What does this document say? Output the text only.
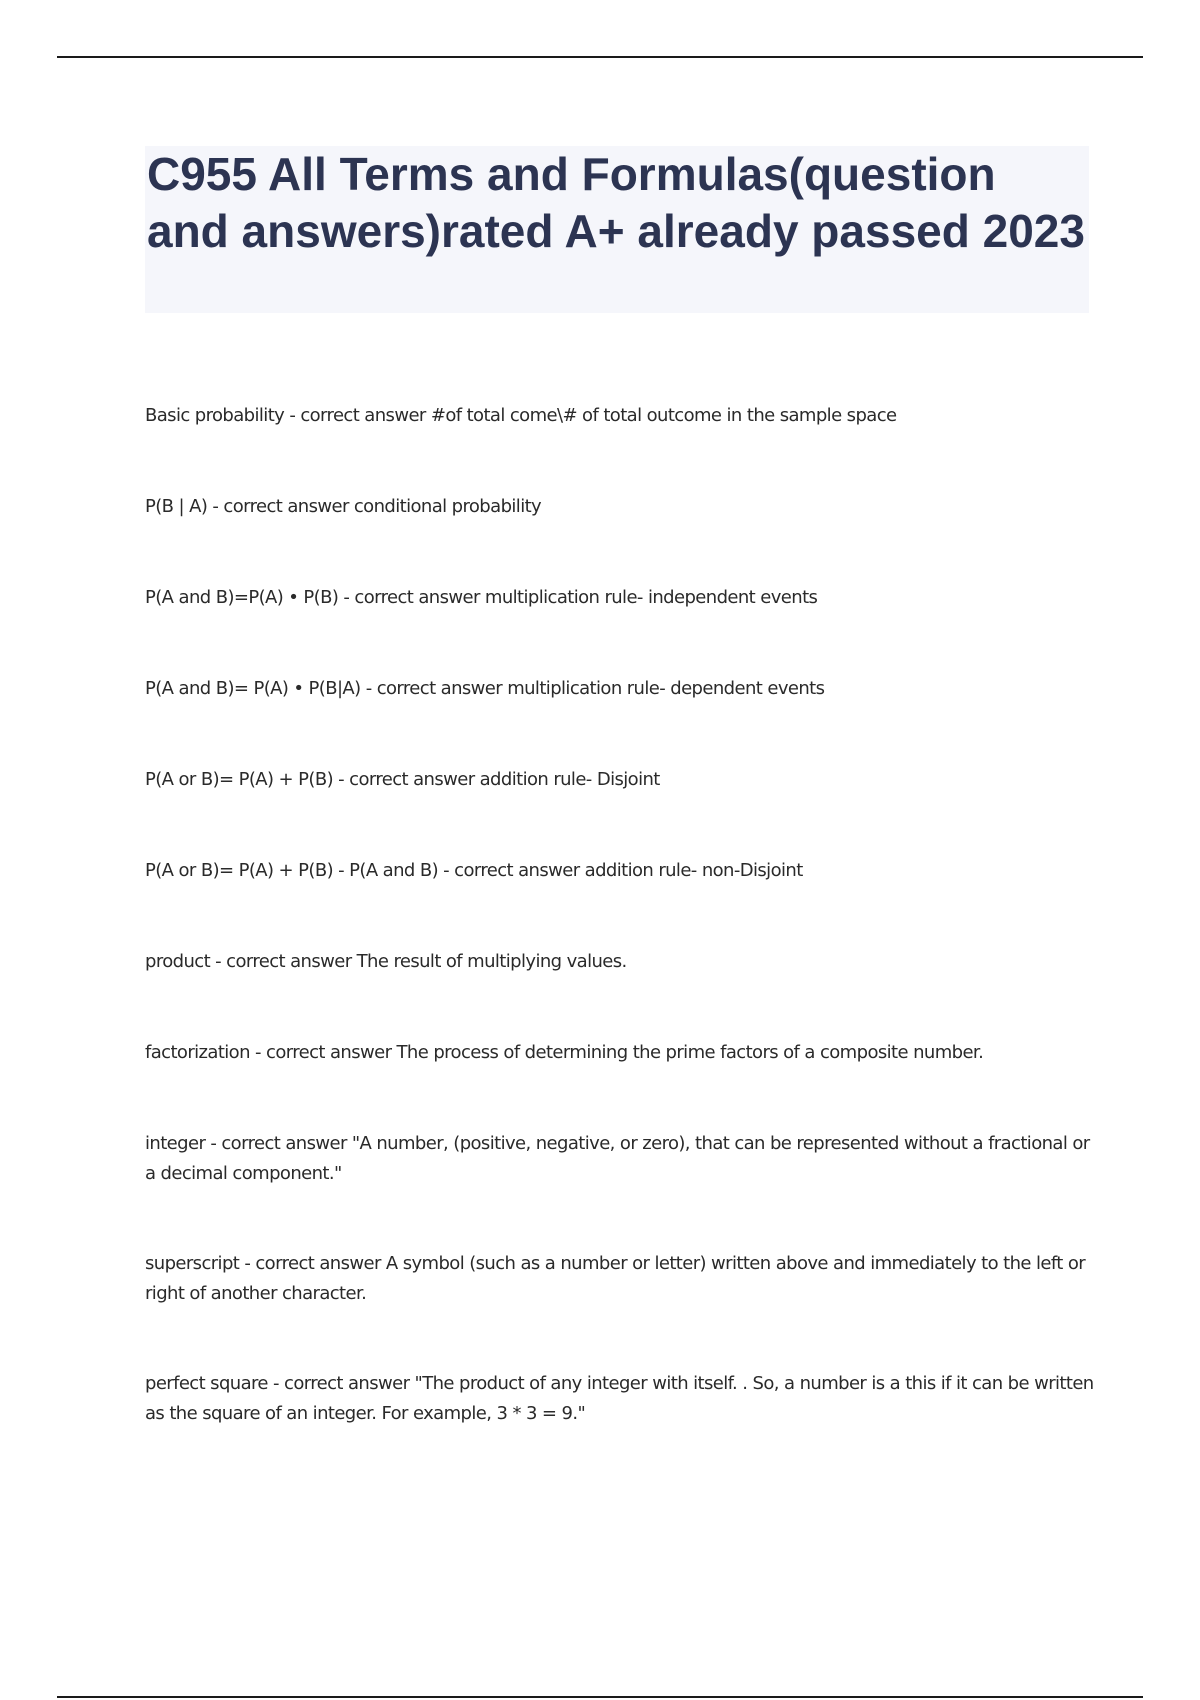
C955 All Terms and Formulas(question and answers)rated A+ already passed 2023

Basic probability - correct answer #of total come\# of total outcome in the sample space

P(B | A) - correct answer conditional probability

P(A and B)=P(A) • P(B) - correct answer multiplication rule- independent events

P(A and B)= P(A) • P(B|A) - correct answer multiplication rule- dependent events

P(A or B)= P(A) + P(B) - correct answer addition rule- Disjoint

P(A or B)= P(A) + P(B) - P(A and B) - correct answer addition rule- non-Disjoint

product - correct answer The result of multiplying values.

factorization - correct answer The process of determining the prime factors of a composite number.

integer - correct answer "A number, (positive, negative, or zero), that can be represented without a fractional or a decimal component."

superscript - correct answer A symbol (such as a number or letter) written above and immediately to the left or right of another character.

perfect square - correct answer "The product of any integer with itself. . So, a number is a this if it can be written as the square of an integer. For example, 3 * 3 = 9."
